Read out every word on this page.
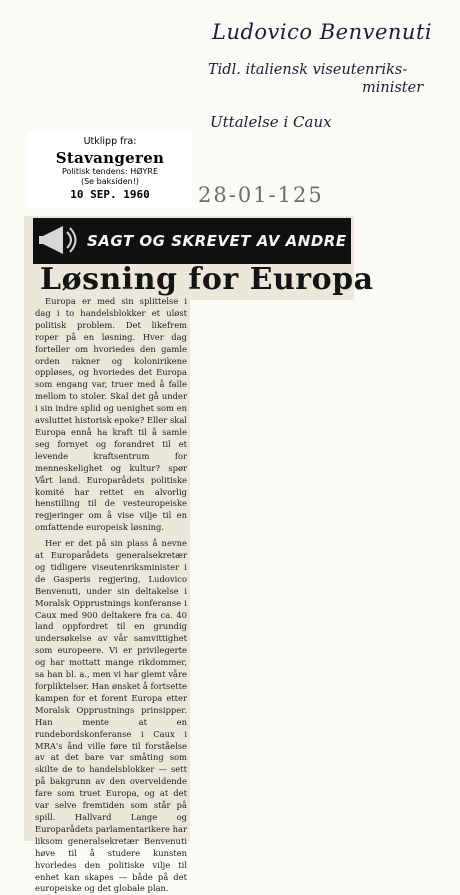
Ludovico Benvenuti
Tidl. italiensk viseutenriks-
minister
Uttalelse i Caux
28-01-125
Utklipp fra:
Stavangeren
Politisk tendens: HØYRE
(Se baksiden!)
10 SEP. 1960
SAGT OG SKREVET AV ANDRE
Løsning for Europa

Europa er med sin splittelse i dag i to handelsblokker et uløst politisk problem. Det likefrem roper på en løsning. Hver dag forteller om hvoriedes den gamle orden rakner og kolonirikene oppløses, og hvoriedes det Europa som engang var, truer med å falle mellom to stoler. Skal det gå under i sin indre splid og uenighet som en avsluttet historisk epoke? Eller skal Europa ennå ha kraft til å samle seg fornyet og forandret til et levende kraftsentrum for menneskelighet og kultur? spør Vårt land. Europarådets politiske komité har rettet en alvorlig henstilling til de vesteuropeiske regjeringer om å vise vilje til en omfattende europeisk løsning.

Her er det på sin plass å nevne at Europarådets generalsekretær og tidligere viseutenriksminister i de Gasperis regjering, Ludovico Benvenuti, under sin deltakelse i Moralsk Opprustnings konferanse i Caux med 900 deltakere fra ca. 40 land oppfordret til en grundig undersøkelse av vår samvittighet som europeere. Vi er privilegerte og har mottatt mange rikdommer, sa han bl. a., men vi har glemt våre forpliktelser. Han ønsket å fortsette kampen for et forent Europa etter Moralsk Opprustnings prinsipper. Han mente at en rundebordskonferanse i Caux i MRA's ånd ville føre til forståelse av at det bare var småting som skilte de to handelsblokker — sett på bakgrunn av den overveldende fare som truet Europa, og at det var selve fremtiden som står på spill. Hallvard Lange og Europarådets parlamentarikere har liksom generalsekretær Benvenuti høve til å studere kunsten hvorledes den politiske vilje til enhet kan skapes — både på det europeiske og det globale plan.
